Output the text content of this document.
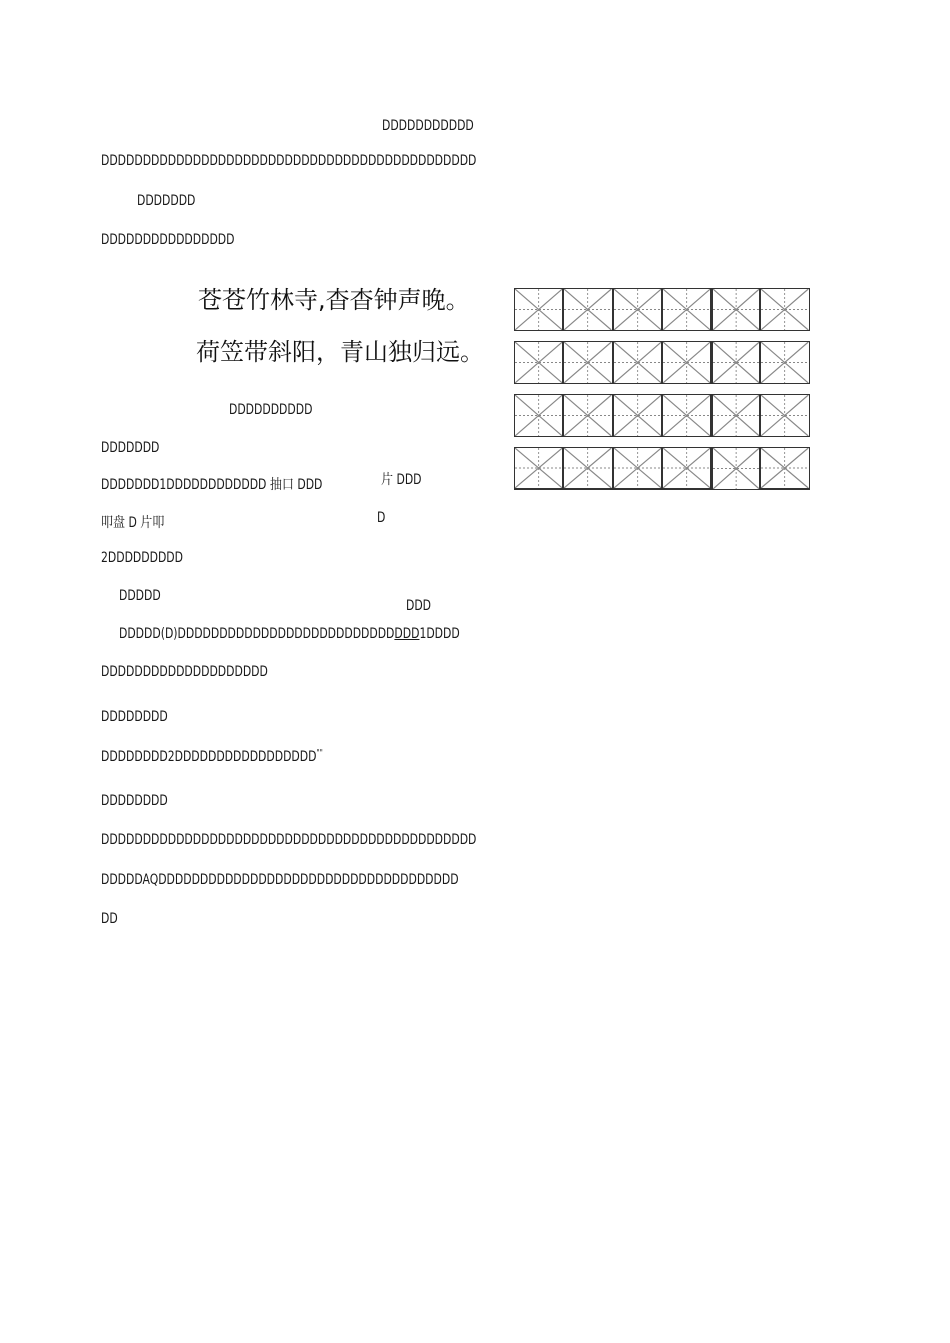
DDDDDDDDDDD
DDDDDDDDDDDDDDDDDDDDDDDDDDDDDDDDDDDDDDDDDDDDD
DDDDDDD
DDDDDDDDDDDDDDDD
苍苍竹林寺,杳杳钟声晚。
荷笠带斜阳，青山独归远。
DDDDDDDDDD
DDDDDDD
DDDDDDD1DDDDDDDDDDDD 抽口 DDD	片 DDD
叩盘 D 片叩	D
2DDDDDDDDD
DDDDD
DDD
DDDDD(D)DDDDDDDDDDDDDDDDDDDDDDDDDDDDD1DDDD
DDDDDDDDDDDDDDDDDDDD
DDDDDDDD
DDDDDDDD2DDDDDDDDDDDDDDDDD""
DDDDDDDD
DDDDDDDDDDDDDDDDDDDDDDDDDDDDDDDDDDDDDDDDDDDDD
DDDDDAQDDDDDDDDDDDDDDDDDDDDDDDDDDDDDDDDDDDD
DD
